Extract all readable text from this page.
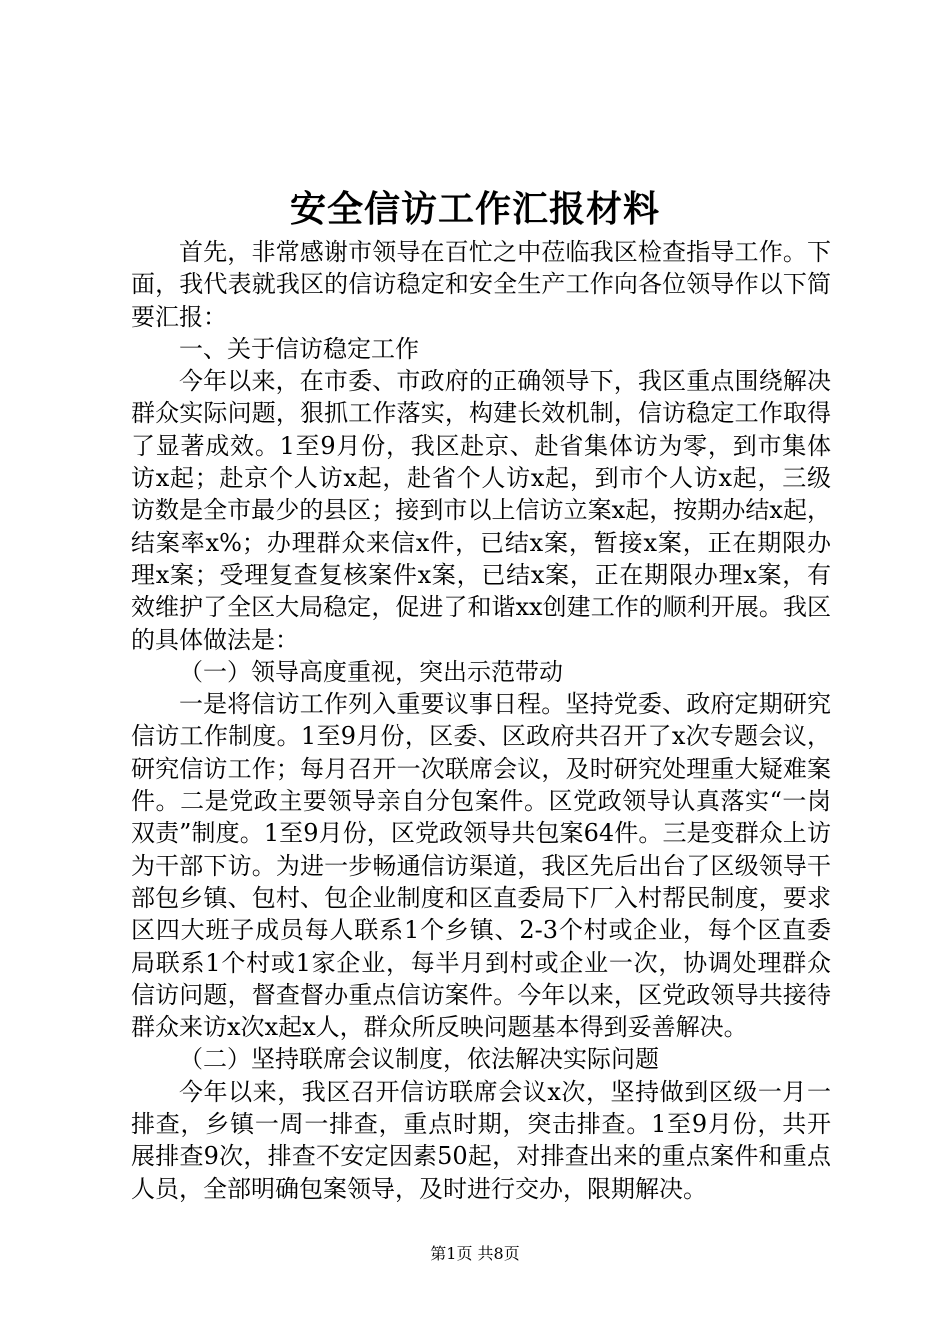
安全信访工作汇报材料

首先，非常感谢市领导在百忙之中莅临我区检查指导工作。下面，我代表就我区的信访稳定和安全生产工作向各位领导作以下简要汇报：

一、关于信访稳定工作

今年以来，在市委、市政府的正确领导下，我区重点围绕解决群众实际问题，狠抓工作落实，构建长效机制，信访稳定工作取得了显著成效。1至9月份，我区赴京、赴省集体访为零，到市集体访x起；赴京个人访x起，赴省个人访x起，到市个人访x起，三级访数是全市最少的县区；接到市以上信访立案x起，按期办结x起，结案率x%；办理群众来信x件，已结x案，暂接x案，正在期限办理x案；受理复查复核案件x案，已结x案，正在期限办理x案，有效维护了全区大局稳定，促进了和谐xx创建工作的顺利开展。我区的具体做法是：

（一）领导高度重视，突出示范带动

一是将信访工作列入重要议事日程。坚持党委、政府定期研究信访工作制度。1至9月份，区委、区政府共召开了x次专题会议，研究信访工作；每月召开一次联席会议，及时研究处理重大疑难案件。二是党政主要领导亲自分包案件。区党政领导认真落实“一岗双责”制度。1至9月份，区党政领导共包案64件。三是变群众上访为干部下访。为进一步畅通信访渠道，我区先后出台了区级领导干部包乡镇、包村、包企业制度和区直委局下厂入村帮民制度，要求区四大班子成员每人联系1个乡镇、2-3个村或企业，每个区直委局联系1个村或1家企业，每半月到村或企业一次，协调处理群众信访问题，督查督办重点信访案件。今年以来，区党政领导共接待群众来访x次x起x人，群众所反映问题基本得到妥善解决。

（二）坚持联席会议制度，依法解决实际问题

今年以来，我区召开信访联席会议x次，坚持做到区级一月一排查，乡镇一周一排查，重点时期，突击排查。1至9月份，共开展排查9次，排查不安定因素50起，对排查出来的重点案件和重点人员，全部明确包案领导，及时进行交办，限期解决。

第1页 共8页
